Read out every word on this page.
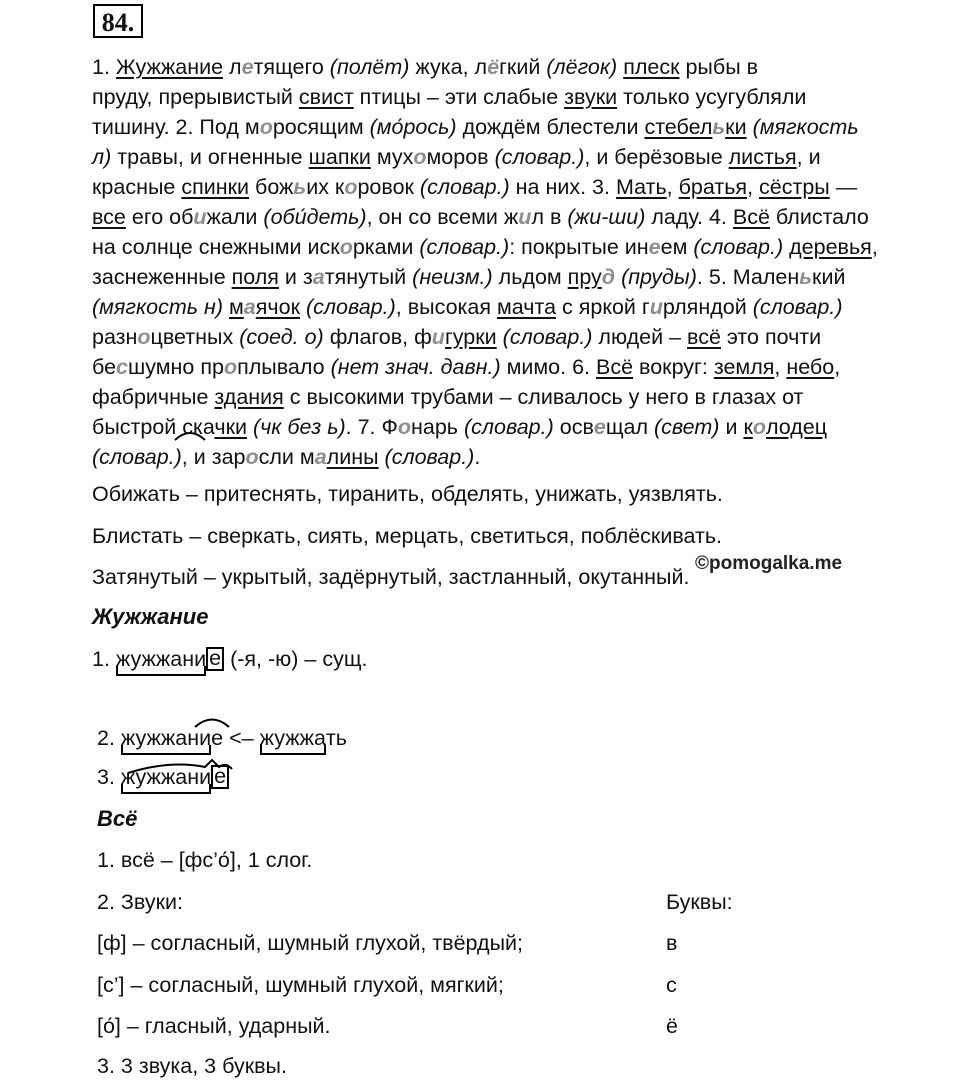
84.
1. Жужжание летящего (полёт) жука, лёгкий (лёгок) плеск рыбы в
пруду, прерывистый свист птицы – эти слабые звуки только усугубляли
тишину. 2. Под моросящим (мо́рось) дождём блестели стебельки (мягкость
л) травы, и огненные шапки мухоморов (словар.), и берёзовые листья, и
красные спинки божьих коровок (словар.) на них. 3. Мать, братья, сёстры —
все его обижали (оби́деть), он со всеми жил в (жи-ши) ладу. 4. Всё блистало
на солнце снежными искорками (словар.): покрытые инеем (словар.) деревья,
заснеженные поля и затянутый (неизм.) льдом пруд (пруды). 5. Маленький
(мягкость н) маячок (словар.), высокая мачта с яркой гирляндой (словар.)
разноцветных (соед. о) флагов, фигурки (словар.) людей – всё это почти
бесшумно проплывало (нет знач. давн.) мимо. 6. Всё вокруг: земля, небо,
фабричные здания с высокими трубами – сливалось у него в глазах от
быстрой скачки (чк без ь). 7. Фонарь (словар.) освещал (свет) и колодец
(словар.), и заросли малины (словар.).
Обижать – притеснять, тиранить, обделять, унижать, уязвлять.
Блистать – сверкать, сиять, мерцать, светиться, поблёскивать.
Затянутый – укрытый, задёрнутый, застланный, окутанный.
©pomogalka.me
Жужжание
1. жужжани е (-я, -ю) – сущ.
2. жужжание <– жужжать
3. жужжани е
Всё
1. всё – [фс’о́], 1 слог.
2. Звуки:	Буквы:
[ф] – согласный, шумный глухой, твёрдый;	в
[с’] – согласный, шумный глухой, мягкий;	с
[о́] – гласный, ударный.	ё
3. 3 звука, 3 буквы.
